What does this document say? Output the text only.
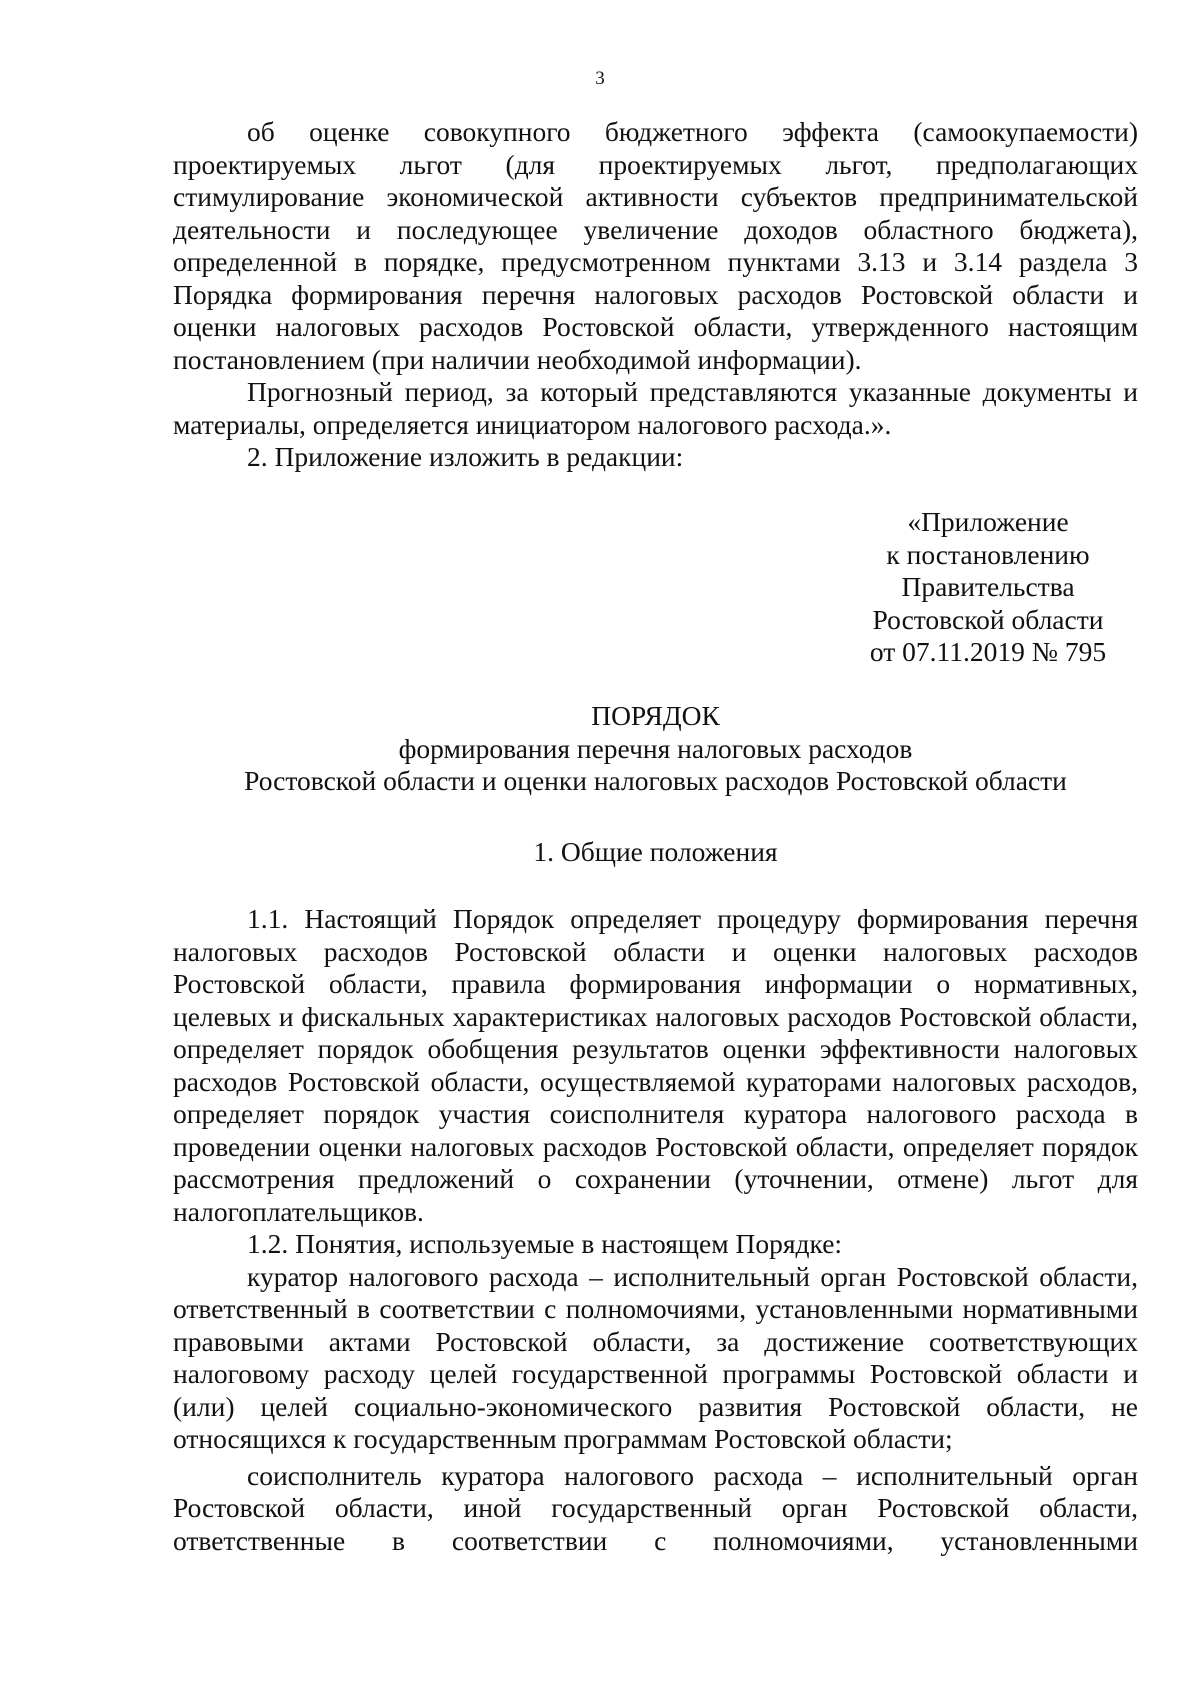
3

об оценке совокупного бюджетного эффекта (самоокупаемости) проектируемых льгот (для проектируемых льгот, предполагающих стимулирование экономической активности субъектов предпринимательской деятельности и последующее увеличение доходов областного бюджета), определенной в порядке, предусмотренном пунктами 3.13 и 3.14 раздела 3 Порядка формирования перечня налоговых расходов Ростовской области и оценки налоговых расходов Ростовской области, утвержденного настоящим постановлением (при наличии необходимой информации).

Прогнозный период, за который представляются указанные документы и материалы, определяется инициатором налогового расхода.».

2. Приложение изложить в редакции:

«Приложение
к постановлению
Правительства
Ростовской области
от 07.11.2019 № 795
ПОРЯДОК
формирования перечня налоговых расходов
Ростовской области и оценки налоговых расходов Ростовской области
1. Общие положения

1.1. Настоящий Порядок определяет процедуру формирования перечня налоговых расходов Ростовской области и оценки налоговых расходов Ростовской области, правила формирования информации о нормативных, целевых и фискальных характеристиках налоговых расходов Ростовской области, определяет порядок обобщения результатов оценки эффективности налоговых расходов Ростовской области, осуществляемой кураторами налоговых расходов, определяет порядок участия соисполнителя куратора налогового расхода в проведении оценки налоговых расходов Ростовской области, определяет порядок рассмотрения предложений о сохранении (уточнении, отмене) льгот для налогоплательщиков.

1.2. Понятия, используемые в настоящем Порядке:

куратор налогового расхода – исполнительный орган Ростовской области, ответственный в соответствии с полномочиями, установленными нормативными правовыми актами Ростовской области, за достижение соответствующих налоговому расходу целей государственной программы Ростовской области и (или) целей социально-экономического развития Ростовской области, не относящихся к государственным программам Ростовской области;

соисполнитель куратора налогового расхода – исполнительный орган Ростовской области, иной государственный орган Ростовской области, ответственные в соответствии с полномочиями, установленными
